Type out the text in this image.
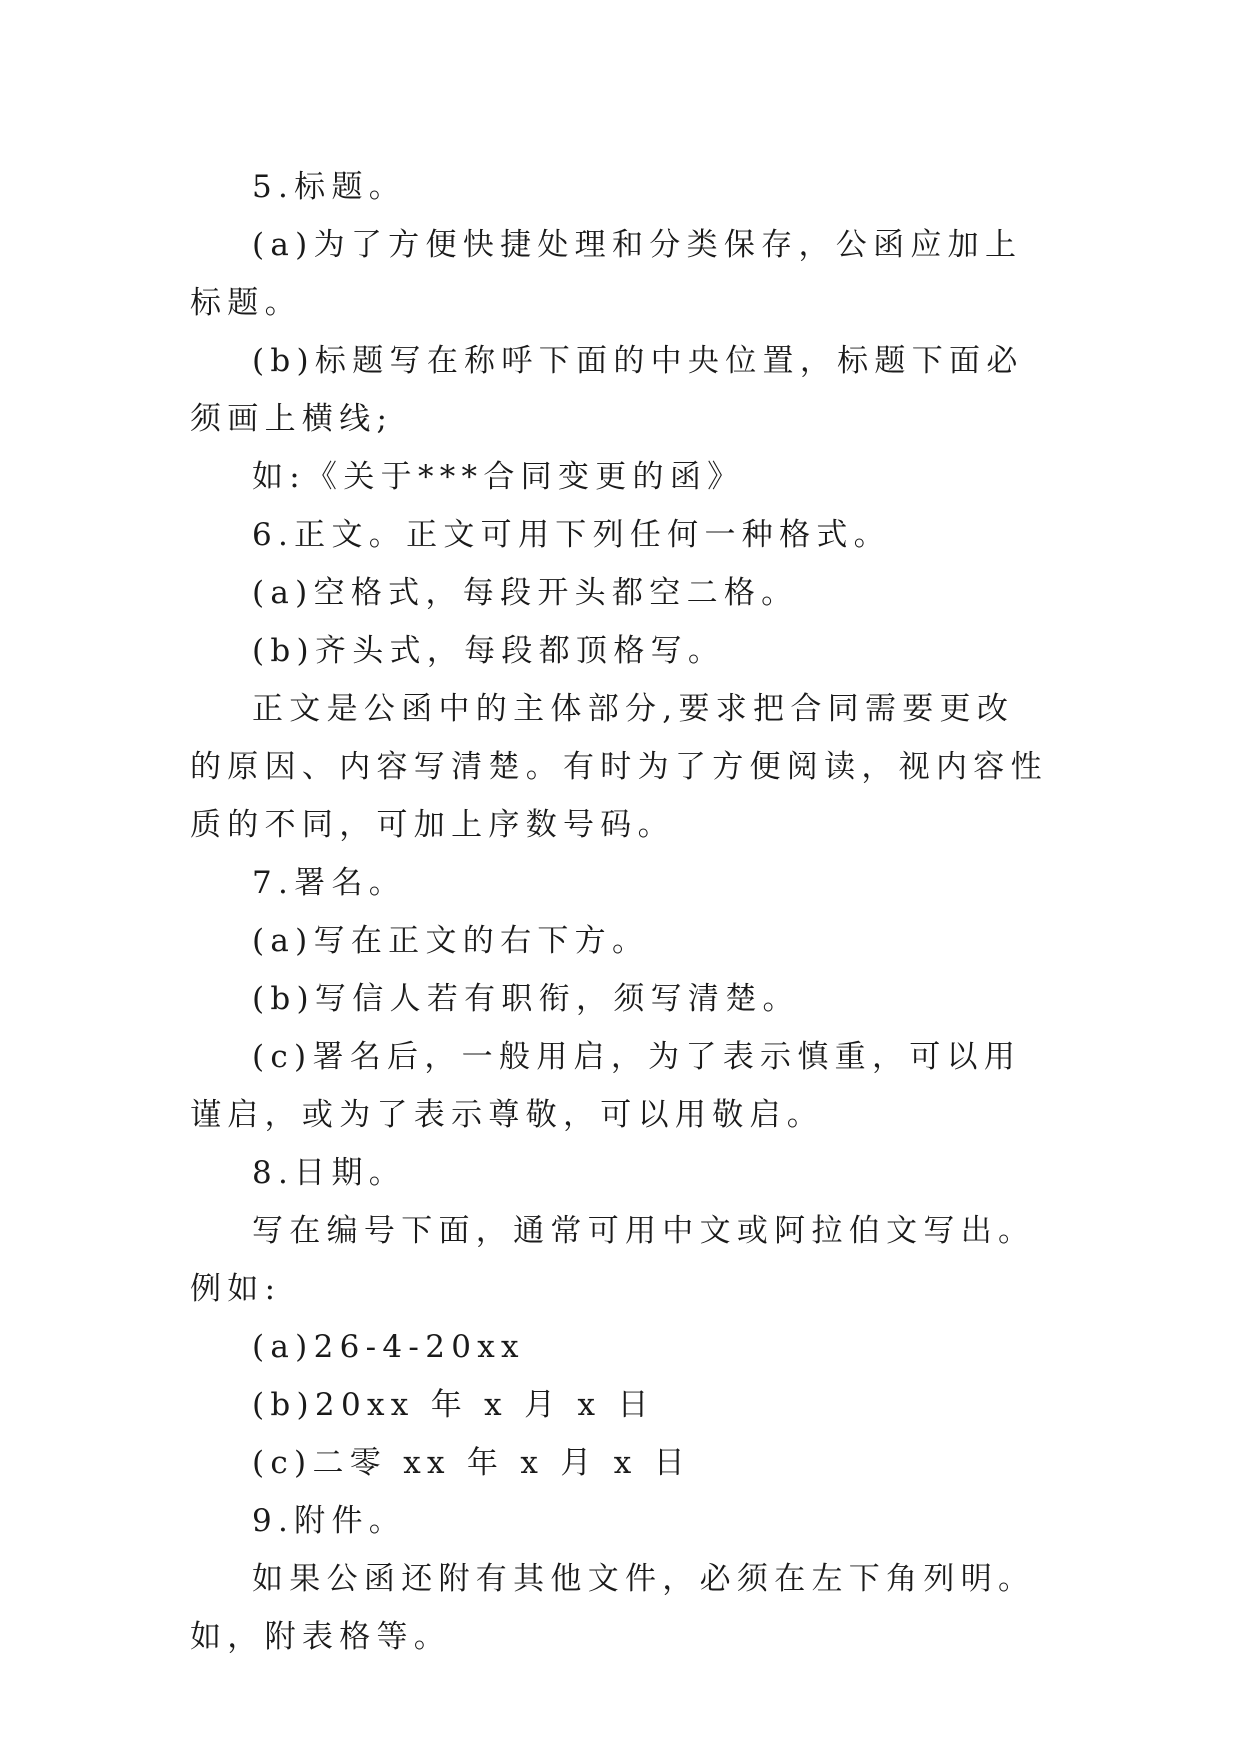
5.标题。

(a)为了方便快捷处理和分类保存，公函应加上标题。

(b)标题写在称呼下面的中央位置，标题下面必须画上横线;

如:《关于***合同变更的函》

6.正文。正文可用下列任何一种格式。

(a)空格式，每段开头都空二格。

(b)齐头式，每段都顶格写。

正文是公函中的主体部分,要求把合同需要更改的原因、内容写清楚。有时为了方便阅读，视内容性质的不同，可加上序数号码。

7.署名。

(a)写在正文的右下方。

(b)写信人若有职衔，须写清楚。

(c)署名后，一般用启，为了表示慎重，可以用谨启，或为了表示尊敬，可以用敬启。

8.日期。

写在编号下面，通常可用中文或阿拉伯文写出。 例如:

(a)26-4-20xx

(b)20xx 年 x 月 x 日

(c)二零 xx 年 x 月 x 日

9.附件。

如果公函还附有其他文件，必须在左下角列明。 如，附表格等。
